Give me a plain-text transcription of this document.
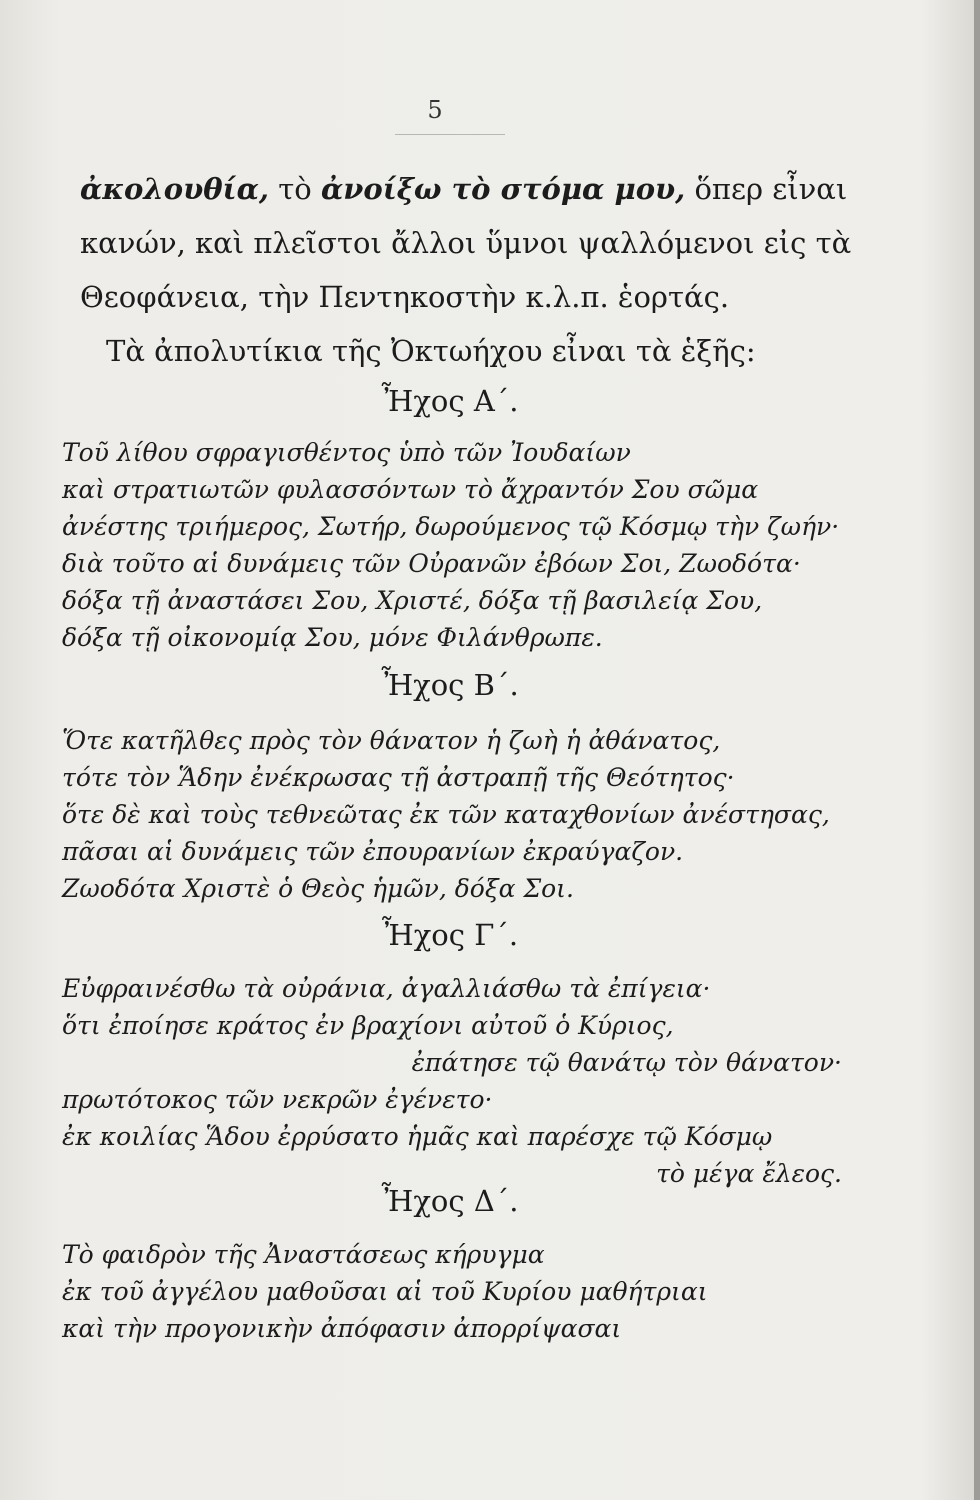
5

ἀκολουθία, τὸ ἀνοίξω τὸ στόμα μου, ὅπερ εἶναι

κανών, καὶ πλεῖστοι ἄλλοι ὕμνοι ψαλλόμενοι εἰς τὰ

Θεοφάνεια, τὴν Πεντηκοστὴν κ.λ.π. ἑορτάς.

Τὰ ἀπολυτίκια τῆς Ὀκτωήχου εἶναι τὰ ἑξῆς:

Ἦχος Α΄.

Τοῦ λίθου σφραγισθέντος ὑπὸ τῶν Ἰουδαίων

καὶ στρατιωτῶν φυλασσόντων τὸ ἄχραντόν Σου σῶμα

ἀνέστης τριήμερος, Σωτήρ, δωρούμενος τῷ Κόσμῳ τὴν ζωήν·

διὰ τοῦτο αἱ δυνάμεις τῶν Οὐρανῶν ἐβόων Σοι, Ζωοδότα·

δόξα τῇ ἀναστάσει Σου, Χριστέ, δόξα τῇ βασιλείᾳ Σου,

δόξα τῇ οἰκονομίᾳ Σου, μόνε Φιλάνθρωπε.

Ἦχος Β΄.

Ὅτε κατῆλθες πρὸς τὸν θάνατον ἡ ζωὴ ἡ ἀθάνατος,

τότε τὸν Ἅδην ἐνέκρωσας τῇ ἀστραπῇ τῆς Θεότητος·

ὅτε δὲ καὶ τοὺς τεθνεῶτας ἐκ τῶν καταχθονίων ἀνέστησας,

πᾶσαι αἱ δυνάμεις τῶν ἐπουρανίων ἐκραύγαζον.

Ζωοδότα Χριστὲ ὁ Θεὸς ἡμῶν, δόξα Σοι.

Ἦχος Γ΄.

Εὐφραινέσθω τὰ οὐράνια, ἀγαλλιάσθω τὰ ἐπίγεια·

ὅτι ἐποίησε κράτος ἐν βραχίονι αὐτοῦ ὁ Κύριος,

ἐπάτησε τῷ θανάτῳ τὸν θάνατον·

πρωτότοκος τῶν νεκρῶν ἐγένετο·

ἐκ κοιλίας Ἅδου ἐρρύσατο ἡμᾶς καὶ παρέσχε τῷ Κόσμῳ

τὸ μέγα ἔλεος.

Ἦχος Δ΄.

Τὸ φαιδρὸν τῆς Ἀναστάσεως κήρυγμα

ἐκ τοῦ ἀγγέλου μαθοῦσαι αἱ τοῦ Κυρίου μαθήτριαι

καὶ τὴν προγονικὴν ἀπόφασιν ἀπορρίψασαι
